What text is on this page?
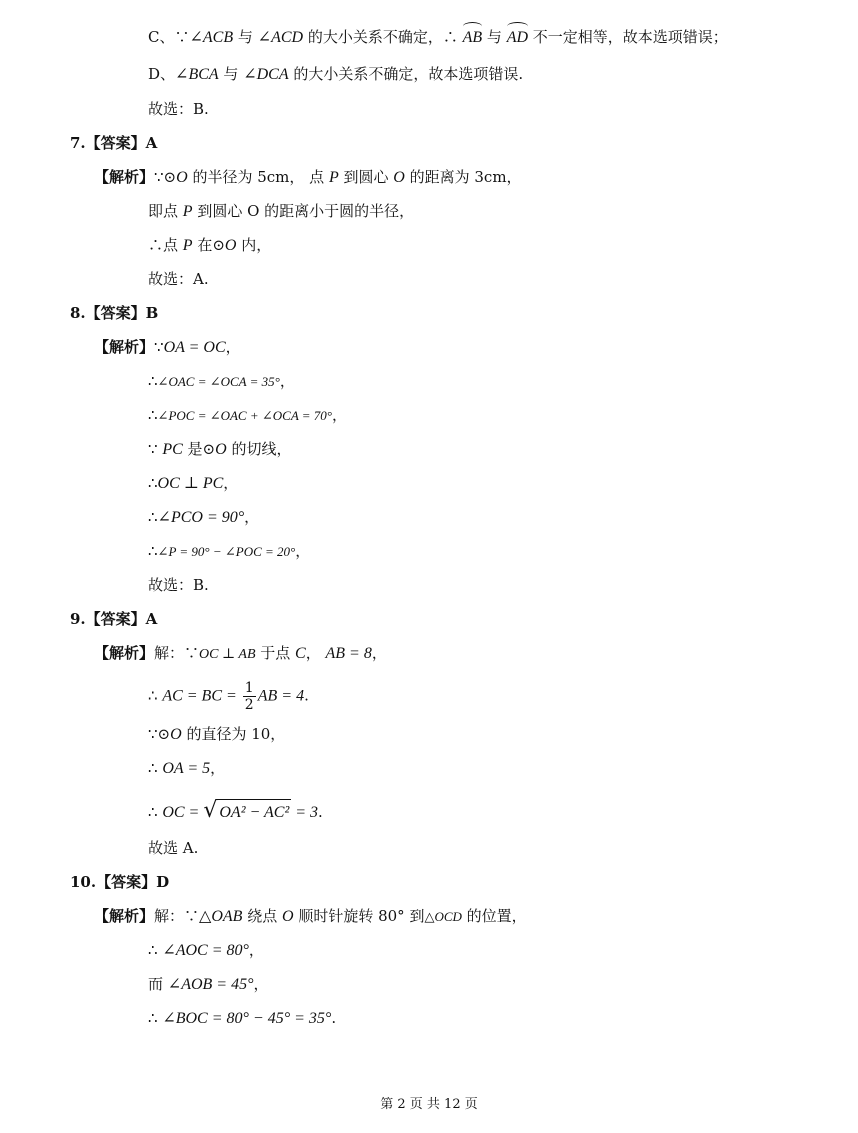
C、∵∠ACB 与 ∠ACD 的大小关系不确定，∴ AB 与 AD 不一定相等，故本选项错误；
D、∠BCA 与 ∠DCA 的大小关系不确定，故本选项错误.
故选：B.
7.【答案】A
【解析】∵⊙O 的半径为 5cm， 点 P 到圆心 O 的距离为 3cm，
即点 P 到圆心 O 的距离小于圆的半径，
∴点 P 在⊙O 内，
故选：A.
8.【答案】B
【解析】∵OA = OC，
∴∠OAC = ∠OCA = 35°，
∴∠POC = ∠OAC + ∠OCA = 70°，
∵ PC 是⊙O 的切线，
∴OC ⊥ PC，
∴∠PCO = 90°，
∴∠P = 90° − ∠POC = 20°，
故选：B.
9.【答案】A
【解析】解：∵OC ⊥ AB 于点 C， AB = 8，
∴ AC = BC = $\frac{1}{2}$ AB = 4.
∵⊙O 的直径为 10，
∴ OA = 5，
∴ OC = √ OA² − AC² = 3.
故选 A.
10.【答案】D
【解析】解：∵△OAB 绕点 O 顺时针旋转 80° 到△OCD 的位置，
∴ ∠AOC = 80°，
而 ∠AOB = 45°，
∴ ∠BOC = 80° − 45° = 35°.
第 2 页 共 12 页
